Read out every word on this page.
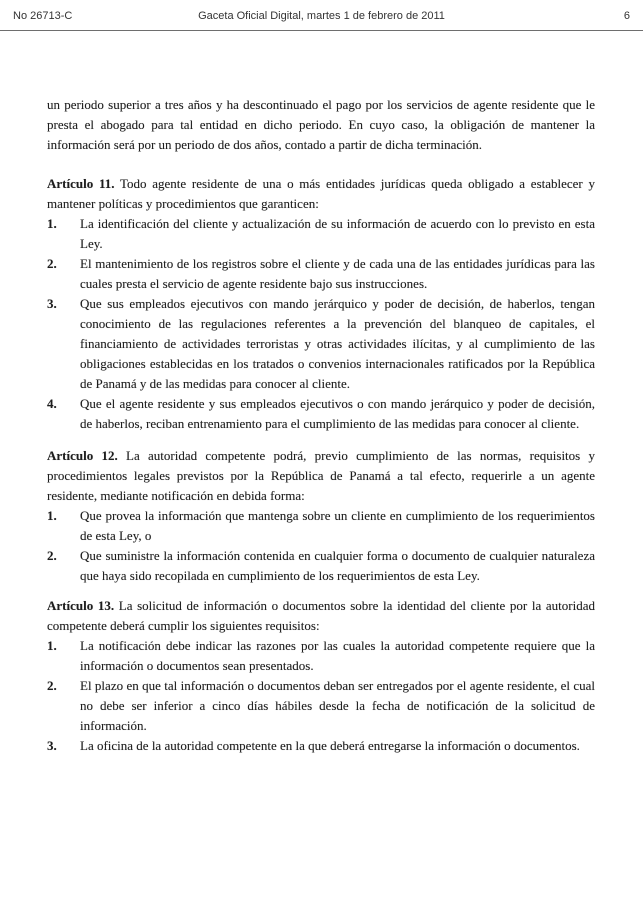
No 26713-C	Gaceta Oficial Digital, martes 1 de febrero de 2011	6

un periodo superior a tres años y ha descontinuado el pago por los servicios de agente residente que le presta el abogado para tal entidad en dicho periodo. En cuyo caso, la obligación de mantener la información será por un periodo de dos años, contado a partir de dicha terminación.

Artículo 11. Todo agente residente de una o más entidades jurídicas queda obligado a establecer y mantener políticas y procedimientos que garanticen:

1. La identificación del cliente y actualización de su información de acuerdo con lo previsto en esta Ley.
2. El mantenimiento de los registros sobre el cliente y de cada una de las entidades jurídicas para las cuales presta el servicio de agente residente bajo sus instrucciones.
3. Que sus empleados ejecutivos con mando jerárquico y poder de decisión, de haberlos, tengan conocimiento de las regulaciones referentes a la prevención del blanqueo de capitales, el financiamiento de actividades terroristas y otras actividades ilícitas, y al cumplimiento de las obligaciones establecidas en los tratados o convenios internacionales ratificados por la República de Panamá y de las medidas para conocer al cliente.
4. Que el agente residente y sus empleados ejecutivos o con mando jerárquico y poder de decisión, de haberlos, reciban entrenamiento para el cumplimiento de las medidas para conocer al cliente.

Artículo 12. La autoridad competente podrá, previo cumplimiento de las normas, requisitos y procedimientos legales previstos por la República de Panamá a tal efecto, requerirle a un agente residente, mediante notificación en debida forma:

1. Que provea la información que mantenga sobre un cliente en cumplimiento de los requerimientos de esta Ley, o
2. Que suministre la información contenida en cualquier forma o documento de cualquier naturaleza que haya sido recopilada en cumplimiento de los requerimientos de esta Ley.

Artículo 13. La solicitud de información o documentos sobre la identidad del cliente por la autoridad competente deberá cumplir los siguientes requisitos:

1. La notificación debe indicar las razones por las cuales la autoridad competente requiere que la información o documentos sean presentados.
2. El plazo en que tal información o documentos deban ser entregados por el agente residente, el cual no debe ser inferior a cinco días hábiles desde la fecha de notificación de la solicitud de información.
3. La oficina de la autoridad competente en la que deberá entregarse la información o documentos.
